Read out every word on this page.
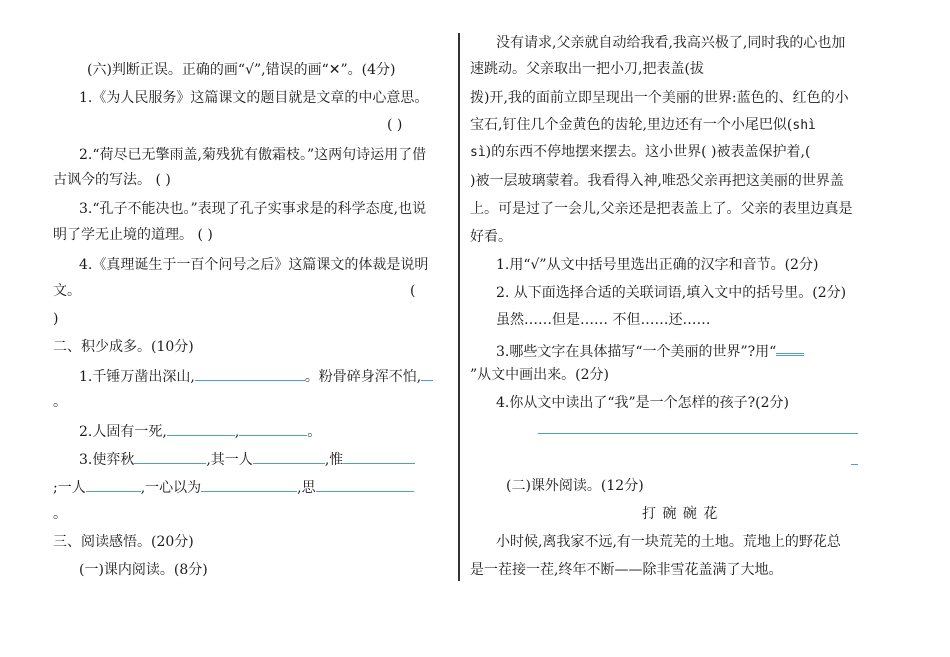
(六)判断正误。正确的画“√”,错误的画“✕”。(4分)
1.《为人民服务》这篇课文的题目就是文章的中心意思。
( )
2.“荷尽已无擎雨盖,菊残犹有傲霜枝。”这两句诗运用了借
古讽今的写法。 ( )
3.“孔子不能决也。”表现了孔子实事求是的科学态度,也说
明了学无止境的道理。 ( )
4.《真理诞生于一百个问号之后》这篇课文的体裁是说明
文。	(
)
二、积少成多。(10分)
1.千锤万凿出深山,	。粉骨碎身浑不怕,
。
2.人固有一死,	,	。
3.使弈秋	,其一人	,惟
;一人	,一心以为	,思
。
三、阅读感悟。(20分)
(一)课内阅读。(8分)
没有请求,父亲就自动给我看,我高兴极了,同时我的心也加
速跳动。父亲取出一把小刀,把表盖(拔
拨)开,我的面前立即呈现出一个美丽的世界:蓝色的、红色的小
宝石,钉住几个金黄色的齿轮,里边还有一个小尾巴似(shì
sì)的东西不停地摆来摆去。这小世界( )被表盖保护着,(
)被一层玻璃蒙着。我看得入神,唯恐父亲再把这美丽的世界盖
上。可是过了一会儿,父亲还是把表盖上了。父亲的表里边真是
好看。
1.用“√”从文中括号里选出正确的汉字和音节。(2分)
2. 从下面选择合适的关联词语,填入文中的括号里。(2分)
虽然……但是…… 不但……还……
3.哪些文字在具体描写“一个美丽的世界”?用“
”从文中画出来。(2分)
4.你从文中读出了“我”是一个怎样的孩子?(2分)
(二)课外阅读。(12分)
打 碗 碗 花
小时候,离我家不远,有一块荒芜的土地。荒地上的野花总
是一茬接一茬,终年不断——除非雪花盖满了大地。
